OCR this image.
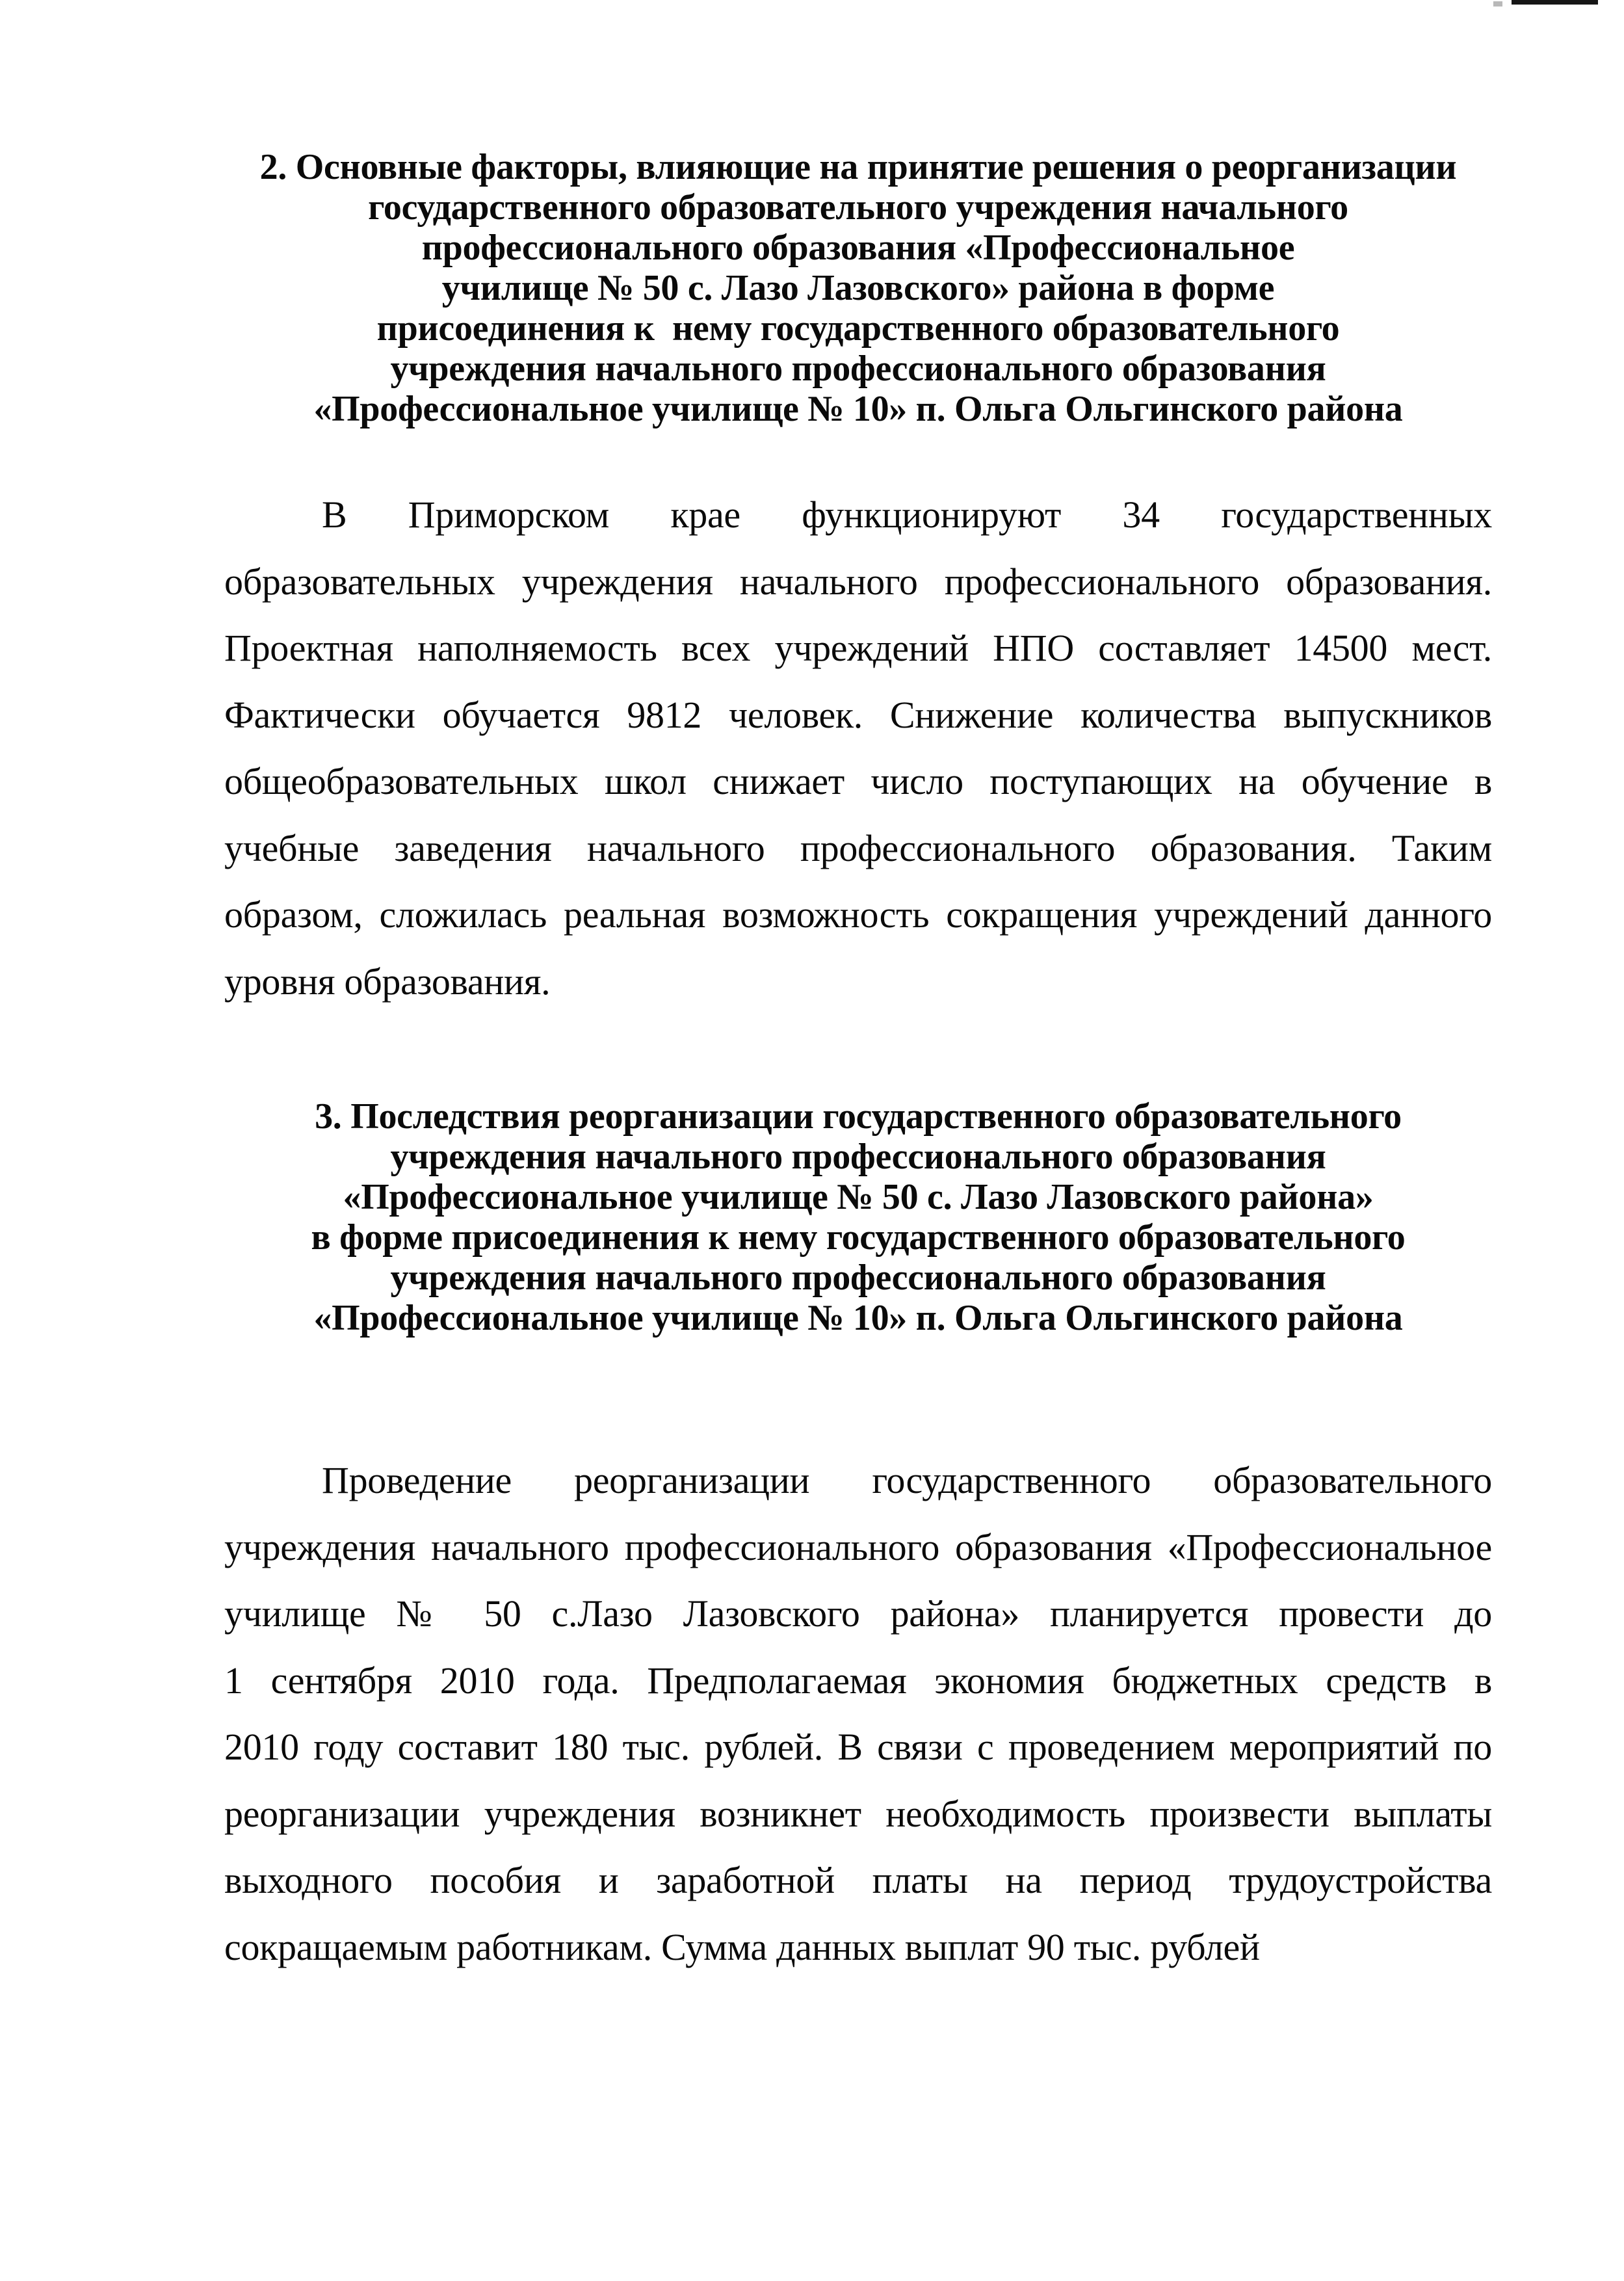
2. Основные факторы, влияющие на принятие решения о реорганизации
государственного образовательного учреждения начального
профессионального образования «Профессиональное
училище № 50 с. Лазо Лазовского» района в форме
присоединения к  нему государственного образовательного
учреждения начального профессионального образования
«Профессиональное училище № 10» п. Ольга Ольгинского района
В Приморском крае функционируют 34 государственных
образовательных учреждения начального профессионального образования.
Проектная наполняемость всех учреждений НПО составляет 14500 мест.
Фактически обучается 9812 человек. Снижение количества выпускников
общеобразовательных школ снижает число поступающих на обучение в
учебные заведения начального профессионального образования. Таким
образом, сложилась реальная возможность сокращения учреждений данного
уровня образования.
3. Последствия реорганизации государственного образовательного
учреждения начального профессионального образования
«Профессиональное училище № 50 с. Лазо Лазовского района»
в форме присоединения к нему государственного образовательного
учреждения начального профессионального образования
«Профессиональное училище № 10» п. Ольга Ольгинского района
Проведение реорганизации государственного образовательного
учреждения начального профессионального образования «Профессиональное
училище № 50 с.Лазо Лазовского района» планируется провести до
1 сентября 2010 года. Предполагаемая экономия бюджетных средств в
2010 году составит 180 тыс. рублей. В связи с проведением мероприятий по
реорганизации учреждения возникнет необходимость произвести выплаты
выходного пособия и заработной платы на период трудоустройства
сокращаемым работникам. Сумма данных выплат 90 тыс. рублей
